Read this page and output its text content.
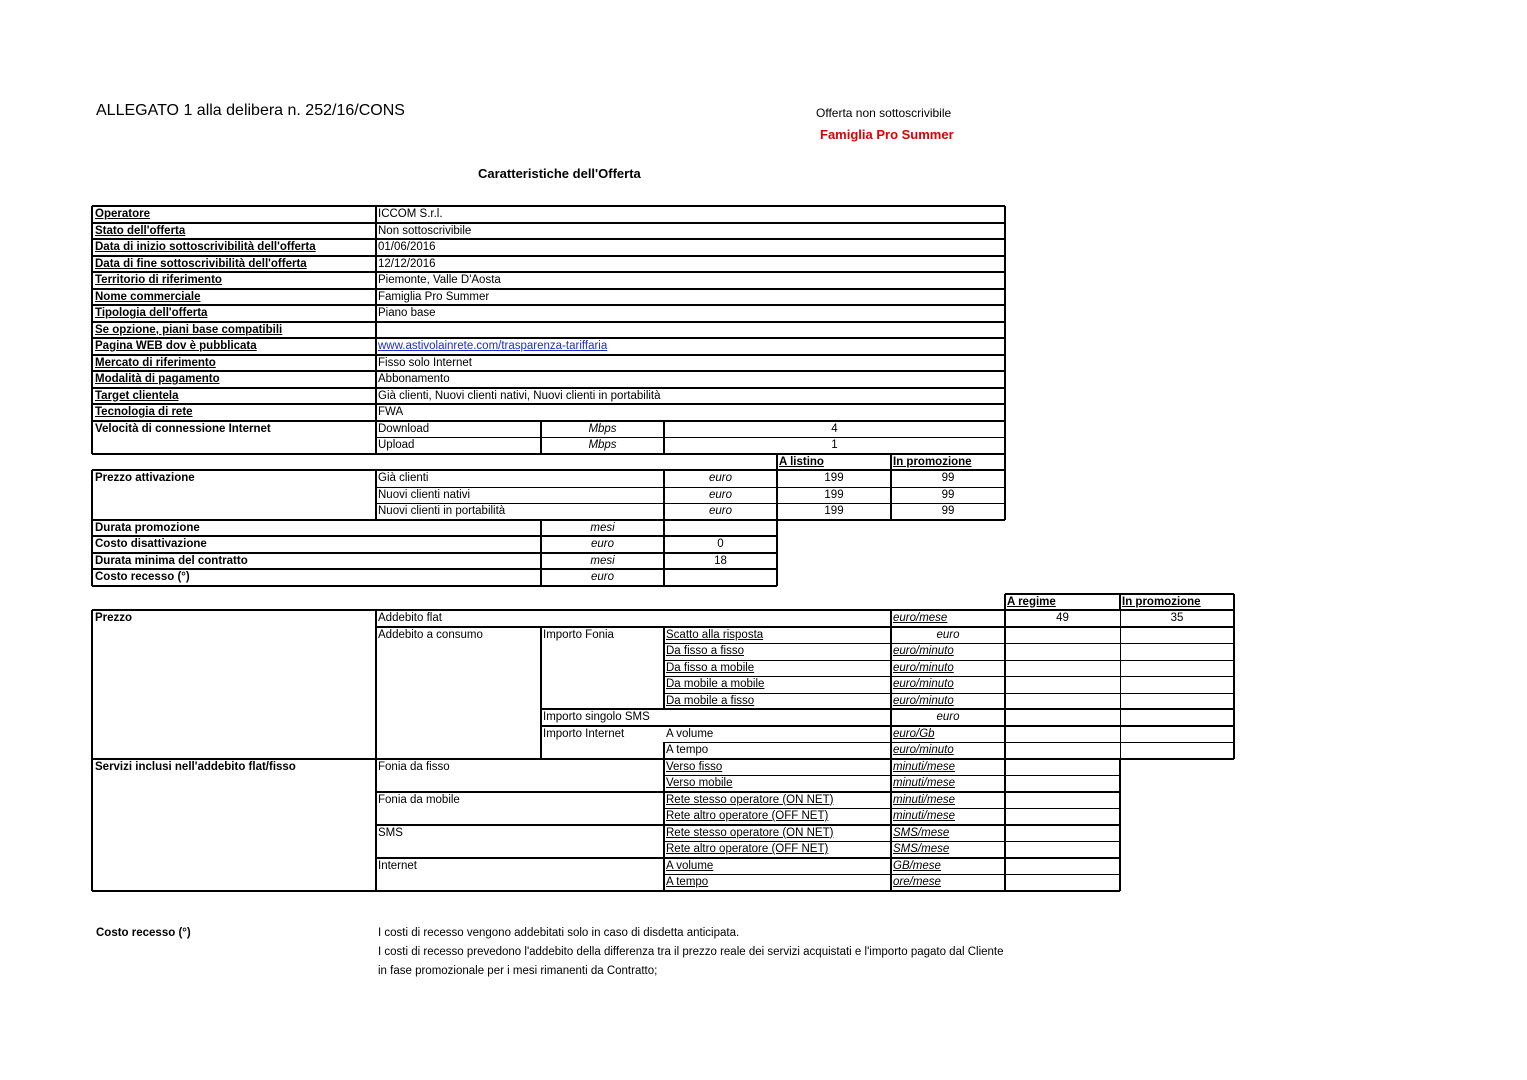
ALLEGATO 1 alla delibera n. 252/16/CONS	Offerta non sottoscrivibile
Famiglia Pro Summer
Caratteristiche dell'Offerta
Operatore	ICCOM S.r.l.
Stato dell'offerta	Non sottoscrivibile
Data di inizio sottoscrivibilità dell'offerta	01/06/2016
Data di fine sottoscrivibilità dell'offerta	12/12/2016
Territorio di riferimento	Piemonte, Valle D'Aosta
Nome commerciale	Famiglia Pro Summer
Tipologia dell'offerta	Piano base
Se opzione, piani base compatibili
Pagina WEB dov è pubblicata	www.astivolainrete.com/trasparenza-tariffaria
Mercato di riferimento	Fisso solo Internet
Modalità di pagamento	Abbonamento
Target clientela	Già clienti, Nuovi clienti nativi, Nuovi clienti in portabilità
Tecnologia di rete	FWA
Velocità di connessione Internet	Download	Mbps	4
Upload	Mbps	1
A listino	In promozione
Prezzo attivazione	Già clienti	euro	199	99
Nuovi clienti nativi	euro	199	99
Nuovi clienti in portabilità	euro	199	99
Durata promozione	mesi
Costo disattivazione	euro	0
Durata minima del contratto	mesi	18
Costo recesso (°)	euro
A regime	In promozione
Prezzo	Addebito flat	euro/mese	49	35
Addebito a consumo	Importo Fonia	Scatto alla risposta	euro
Da fisso a fisso	euro/minuto
Da fisso a mobile	euro/minuto
Da mobile a mobile	euro/minuto
Da mobile a fisso	euro/minuto
Importo singolo SMS	euro
Importo Internet	A volume	euro/Gb
A tempo	euro/minuto
Servizi inclusi nell'addebito flat/fisso	Fonia da fisso	Verso fisso	minuti/mese
Verso mobile	minuti/mese
Fonia da mobile	Rete stesso operatore (ON NET)	minuti/mese
Rete altro operatore (OFF NET)	minuti/mese
SMS	Rete stesso operatore (ON NET)	SMS/mese
Rete altro operatore (OFF NET)	SMS/mese
Internet	A volume	GB/mese
A tempo	ore/mese
Costo recesso (°)	I costi di recesso vengono addebitati solo in caso di disdetta anticipata.
I costi di recesso prevedono l'addebito della differenza tra il prezzo reale dei servizi acquistati e l'importo pagato dal Cliente
in fase promozionale per i mesi rimanenti da Contratto;
